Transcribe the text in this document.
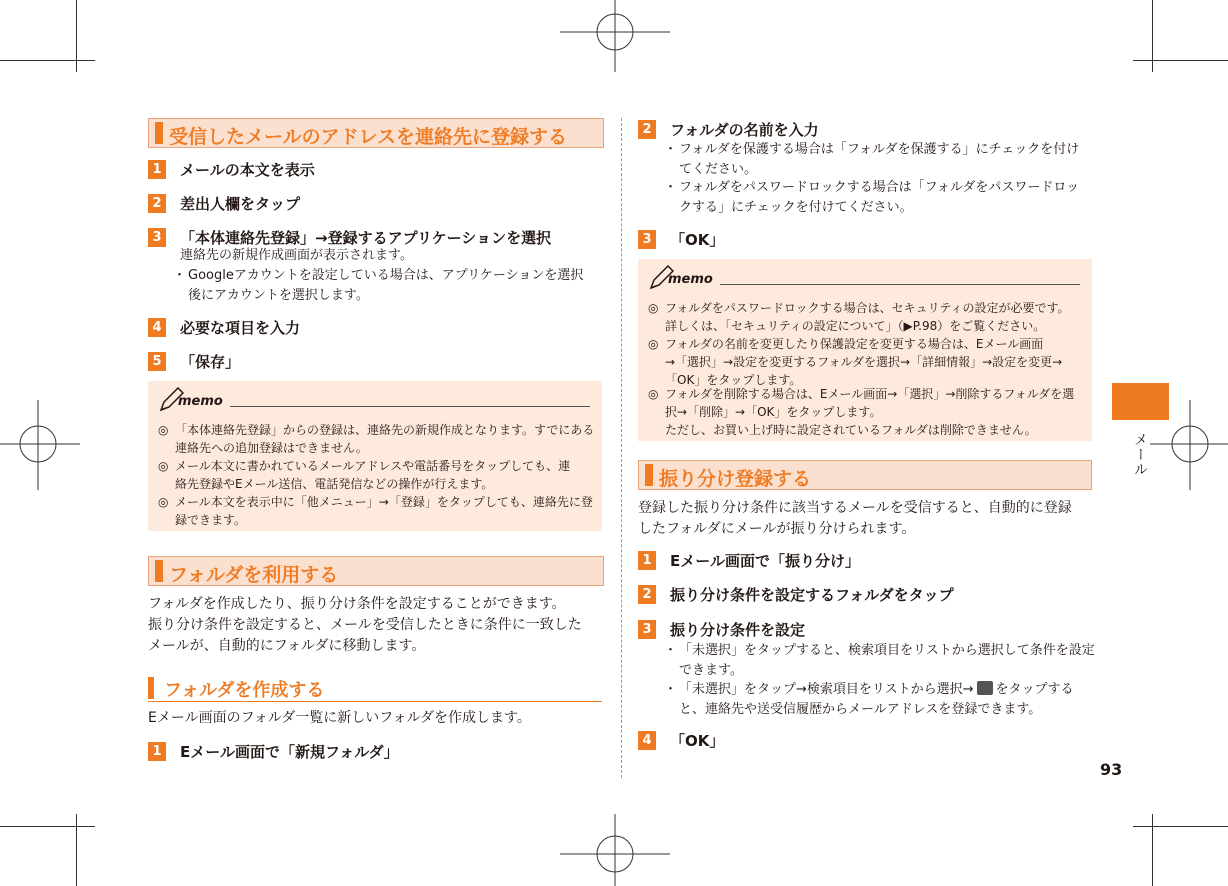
受信したメールのアドレスを連絡先に登録する
1 メールの本文を表示
2 差出人欄をタップ
3 「本体連絡先登録」→登録するアプリケーションを選択
連絡先の新規作成画面が表示されます。
・ Googleアカウントを設定している場合は、アプリケーションを選択
後にアカウントを選択します。
4 必要な項目を入力
5 「保存」
memo
◎ 「本体連絡先登録」からの登録は、連絡先の新規作成となります。すでにある
連絡先への追加登録はできません。
◎ メール本文に書かれているメールアドレスや電話番号をタップしても、連
絡先登録やEメール送信、電話発信などの操作が行えます。
◎ メール本文を表示中に「他メニュー」→「登録」をタップしても、連絡先に登
録できます。
フォルダを利用する
フォルダを作成したり、振り分け条件を設定することができます。
振り分け条件を設定すると、メールを受信したときに条件に一致した
メールが、自動的にフォルダに移動します。
フォルダを作成する
Eメール画面のフォルダ一覧に新しいフォルダを作成します。
1 Eメール画面で「新規フォルダ」
2 フォルダの名前を入力
・ フォルダを保護する場合は「フォルダを保護する」にチェックを付け
てください。
・ フォルダをパスワードロックする場合は「フォルダをパスワードロッ
クする」にチェックを付けてください。
3 「OK」
memo
◎ フォルダをパスワードロックする場合は、セキュリティの設定が必要です。
詳しくは、「セキュリティの設定について」（▶P.98）をご覧ください。
◎ フォルダの名前を変更したり保護設定を変更する場合は、Eメール画面
→「選択」→設定を変更するフォルダを選択→「詳細情報」→設定を変更→
「OK」をタップします。
◎ フォルダを削除する場合は、Eメール画面→「選択」→削除するフォルダを選
択→「削除」→「OK」をタップします。
ただし、お買い上げ時に設定されているフォルダは削除できません。
振り分け登録する
登録した振り分け条件に該当するメールを受信すると、自動的に登録
したフォルダにメールが振り分けられます。
1 Eメール画面で「振り分け」
2 振り分け条件を設定するフォルダをタップ
3 振り分け条件を設定
・ 「未選択」をタップすると、検索項目をリストから選択して条件を設定
できます。
・ 「未選択」をタップ→検索項目をリストから選択→ をタップする
と、連絡先や送受信履歴からメールアドレスを登録できます。
4 「OK」
メール
93
